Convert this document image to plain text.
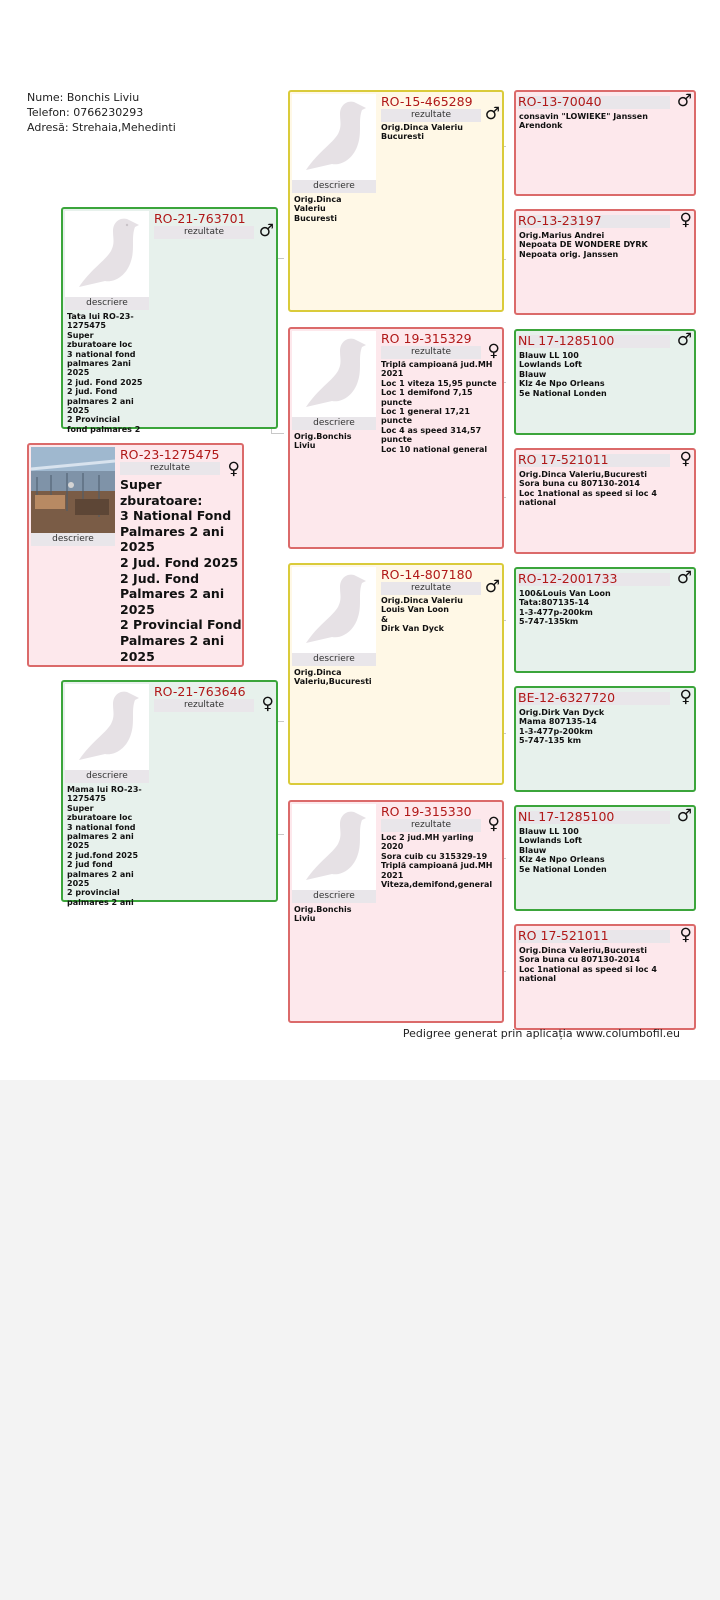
Nume: Bonchis Liviu
Telefon: 0766230293
Adresă: Strehaia,Mehedinti
descriere
RO-23-1275475
rezultate	♀
Super
zburatoare:
3 National Fond
Palmares 2 ani
2025
2 Jud. Fond 2025
2 Jud. Fond
Palmares 2 ani
2025
2 Provincial Fond
Palmares 2 ani
2025
descriere
Tata lui RO-23-
1275475
Super
zburatoare loc
3 national fond
palmares 2ani
2025
2 jud. Fond 2025
2 jud. Fond
palmares 2 ani
2025
2 Provincial
fond palmares 2
RO-21-763701
rezultate	♂
descriere
Mama lui RO-23-
1275475
Super
zburatoare loc
3 national fond
palmares 2 ani
2025
2 jud.fond 2025
2 jud fond
palmares 2 ani
2025
2 provincial
palmares 2 ani
RO-21-763646
rezultate	♀
descriere
Orig.Dinca
Valeriu
Bucuresti
RO-15-465289
rezultate	♂
Orig.Dinca Valeriu
Bucuresti
descriere
Orig.Bonchis
Liviu
RO 19-315329
rezultate	♀
Triplă campioană jud.MH
2021
Loc 1 viteza 15,95 puncte
Loc 1 demifond 7,15
puncte
Loc 1 general 17,21
puncte
Loc 4 as speed 314,57
puncte
Loc 10 national general
descriere
Orig.Dinca
Valeriu,Bucuresti
RO-14-807180
rezultate	♂
Orig.Dinca Valeriu
Louis Van Loon
&
Dirk Van Dyck
descriere
Orig.Bonchis
Liviu
RO 19-315330
rezultate	♀
Loc 2 jud.MH yarling
2020
Sora cuib cu 315329-19
Triplă campioană jud.MH
2021
Viteza,demifond,general
RO-13-70040	♂
consavin "LOWIEKE" Janssen
Arendonk
RO-13-23197	♀
Orig.Marius Andrei
Nepoata DE WONDERE DYRK
Nepoata orig. Janssen
NL 17-1285100	♂
Blauw LL 100
Lowlands Loft
Blauw
Klz 4e Npo Orleans
5e National Londen
RO 17-521011	♀
Orig.Dinca Valeriu,Bucuresti
Sora buna cu 807130-2014
Loc 1national as speed si loc 4
national
RO-12-2001733	♂
100&Louis Van Loon
Tata:807135-14
1-3-477p-200km
5-747-135km
BE-12-6327720	♀
Orig.Dirk Van Dyck
Mama 807135-14
1-3-477p-200km
5-747-135 km
NL 17-1285100	♂
Blauw LL 100
Lowlands Loft
Blauw
Klz 4e Npo Orleans
5e National Londen
RO 17-521011	♀
Orig.Dinca Valeriu,Bucuresti
Sora buna cu 807130-2014
Loc 1national as speed si loc 4
national
Pedigree generat prin aplicația www.columbofil.eu
